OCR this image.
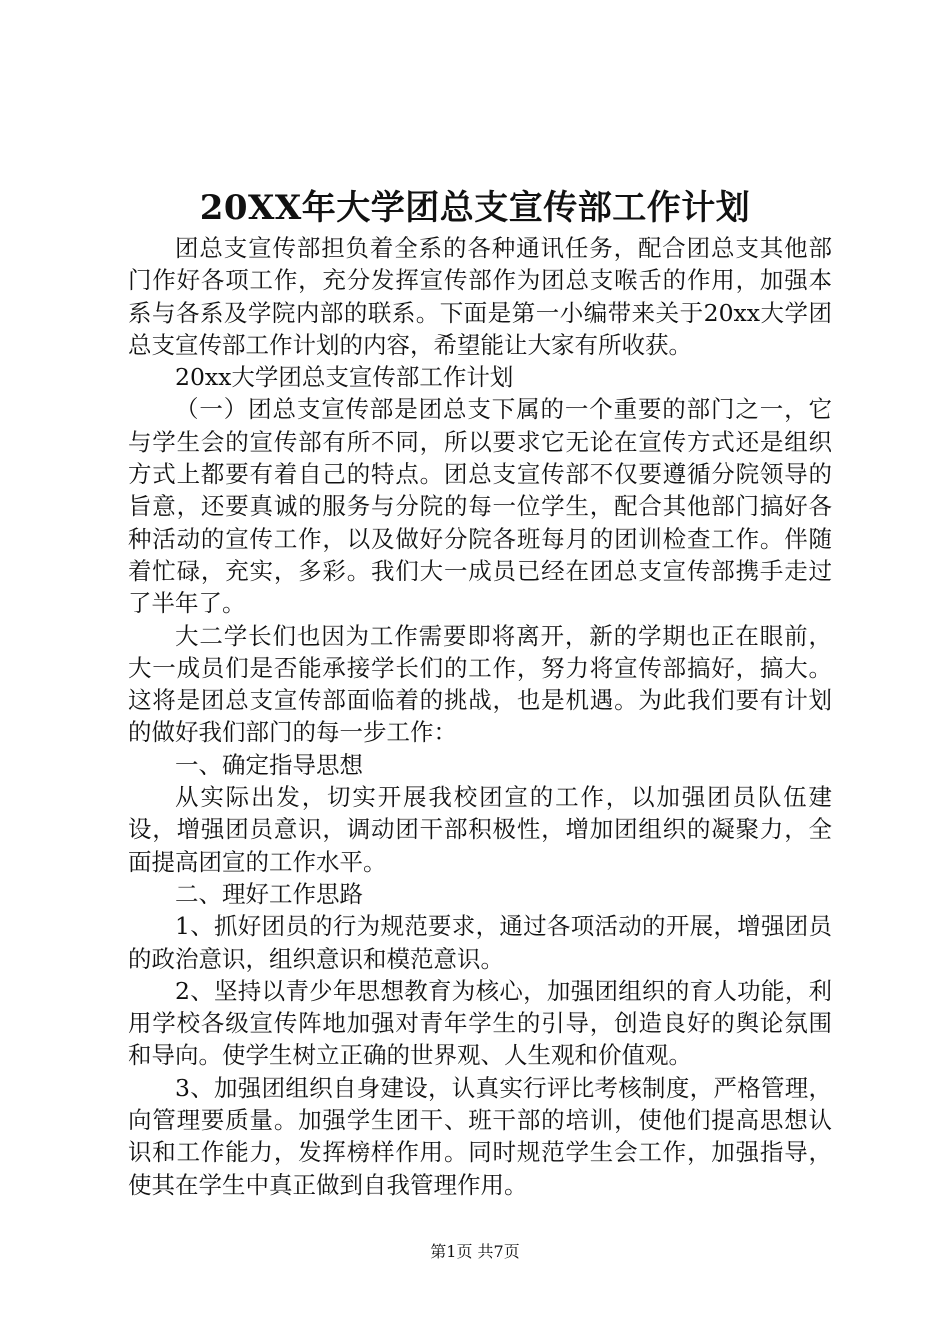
20XX年大学团总支宣传部工作计划

团总支宣传部担负着全系的各种通讯任务，配合团总支其他部门作好各项工作，充分发挥宣传部作为团总支喉舌的作用，加强本系与各系及学院内部的联系。下面是第一小编带来关于20xx大学团总支宣传部工作计划的内容，希望能让大家有所收获。

20xx大学团总支宣传部工作计划

（一）团总支宣传部是团总支下属的一个重要的部门之一，它与学生会的宣传部有所不同，所以要求它无论在宣传方式还是组织方式上都要有着自己的特点。团总支宣传部不仅要遵循分院领导的旨意，还要真诚的服务与分院的每一位学生，配合其他部门搞好各种活动的宣传工作，以及做好分院各班每月的团训检查工作。伴随着忙碌，充实，多彩。我们大一成员已经在团总支宣传部携手走过了半年了。

大二学长们也因为工作需要即将离开，新的学期也正在眼前，大一成员们是否能承接学长们的工作，努力将宣传部搞好，搞大。这将是团总支宣传部面临着的挑战，也是机遇。为此我们要有计划的做好我们部门的每一步工作：

一、确定指导思想

从实际出发，切实开展我校团宣的工作，以加强团员队伍建设，增强团员意识，调动团干部积极性，增加团组织的凝聚力，全面提高团宣的工作水平。

二、理好工作思路

1、抓好团员的行为规范要求，通过各项活动的开展，增强团员的政治意识，组织意识和模范意识。

2、坚持以青少年思想教育为核心，加强团组织的育人功能，利用学校各级宣传阵地加强对青年学生的引导，创造良好的舆论氛围和导向。使学生树立正确的世界观、人生观和价值观。

3、加强团组织自身建设，认真实行评比考核制度，严格管理，向管理要质量。加强学生团干、班干部的培训，使他们提高思想认识和工作能力，发挥榜样作用。同时规范学生会工作，加强指导，使其在学生中真正做到自我管理作用。

第1页 共7页
